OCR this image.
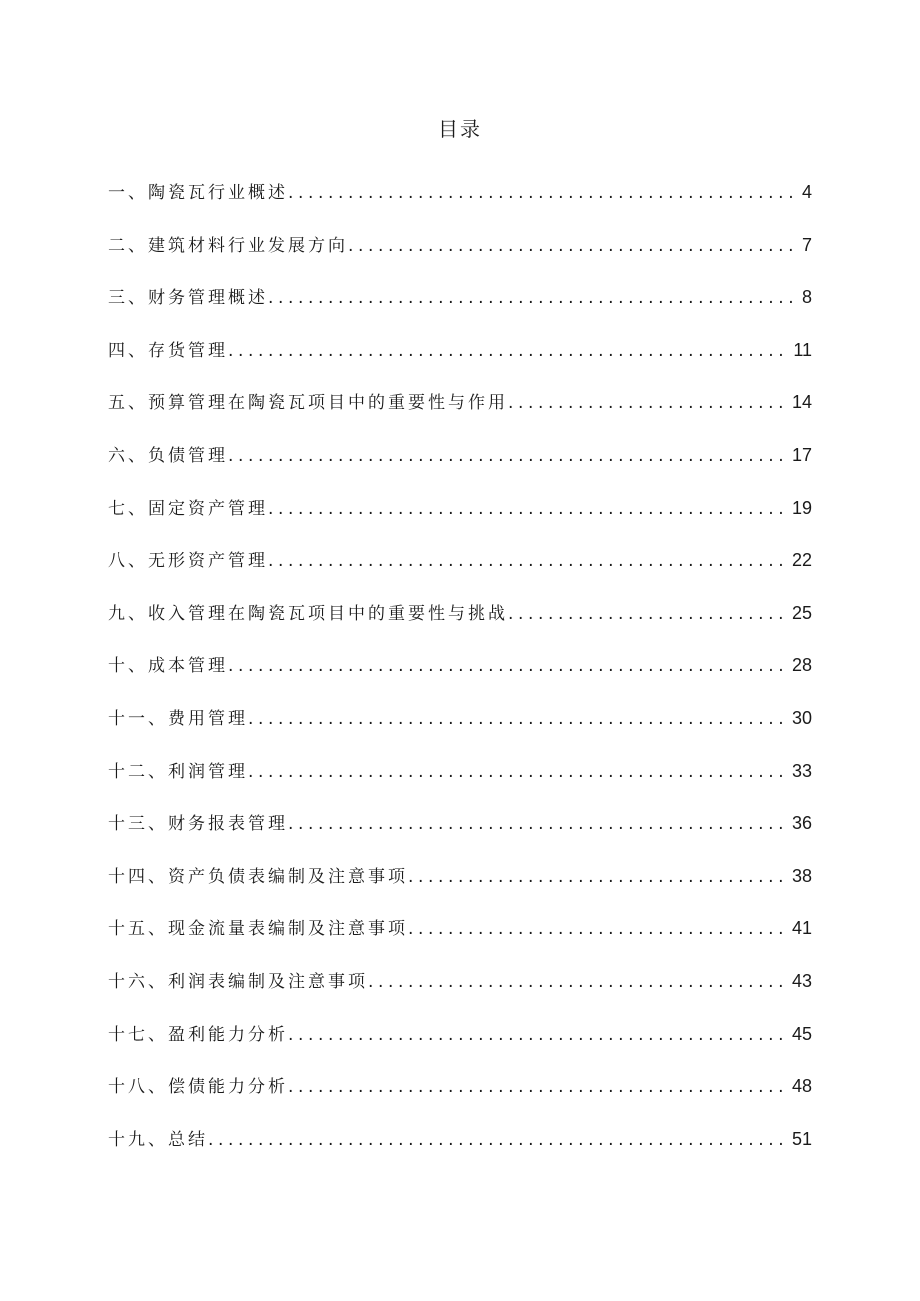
目录
一、陶瓷瓦行业概述 .....	4
二、建筑材料行业发展方向 .....	7
三、财务管理概述 .....	8
四、存货管理 .....	11
五、预算管理在陶瓷瓦项目中的重要性与作用 .....	14
六、负债管理 .....	17
七、固定资产管理 .....	19
八、无形资产管理 .....	22
九、收入管理在陶瓷瓦项目中的重要性与挑战 .....	25
十、成本管理 .....	28
十一、费用管理 .....	30
十二、利润管理 .....	33
十三、财务报表管理 .....	36
十四、资产负债表编制及注意事项 .....	38
十五、现金流量表编制及注意事项 .....	41
十六、利润表编制及注意事项 .....	43
十七、盈利能力分析 .....	45
十八、偿债能力分析 .....	48
十九、总结 .....	51
